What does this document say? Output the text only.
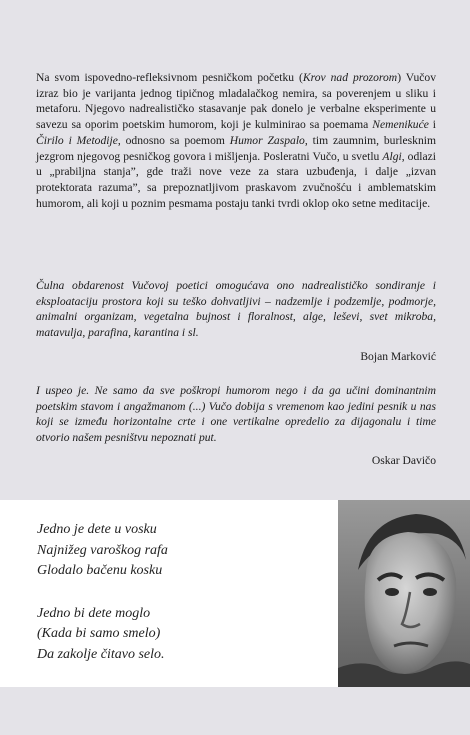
Na svom ispovedno-refleksivnom pesničkom početku (Krov nad prozorom) Vučov izraz bio je varijanta jednog tipičnog mladalačkog nemira, sa poverenjem u sliku i metaforu. Njegovo nadrealističko stasavanje pak donelo je verbalne eksperimente u savezu sa oporim poetskim humorom, koji je kulminirao sa poemama Nemenikuće i Čirilo i Metodije, odnosno sa poemom Humor Zaspalo, tim zaumnim, burlesknim jezgrom njegovog pesničkog govora i mišljenja. Posleratni Vučo, u svetlu Algi, odlazi u „prabiljna stanja”, gde traži nove veze za stara uzbuđenja, i dalje „izvan protektorata razuma”, sa prepoznatljivom praskavom zvučnošću i amblematskim humorom, ali koji u poznim pesmama postaju tanki tvrdi oklop oko setne meditacije.
Čulna obdarenost Vučovoj poetici omogućava ono nadrealističko sondiranje i eksploataciju prostora koji su teško dohvatljivi – nadzemlje i podzemlje, podmorje, animalni organizam, vegetalna bujnost i floralnost, alge, leševi, svet mikroba, matavulja, parafina, karantina i sl.
Bojan Marković
I uspeo je. Ne samo da sve poškropi humorom nego i da ga učini dominantnim poetskim stavom i angažmanom (...) Vučo dobija s vremenom kao jedini pesnik u nas koji se između horizontalne crte i one vertikalne opredelio za dijagonalu i time otvorio našem pesništvu nepoznati put.
Oskar Davičo
Jedno je dete u vosku
Najnižeg varoškog rafa
Glodalo bačenu kosku
Jedno bi dete moglo
(Kada bi samo smelo)
Da zakolje čitavo selo.
